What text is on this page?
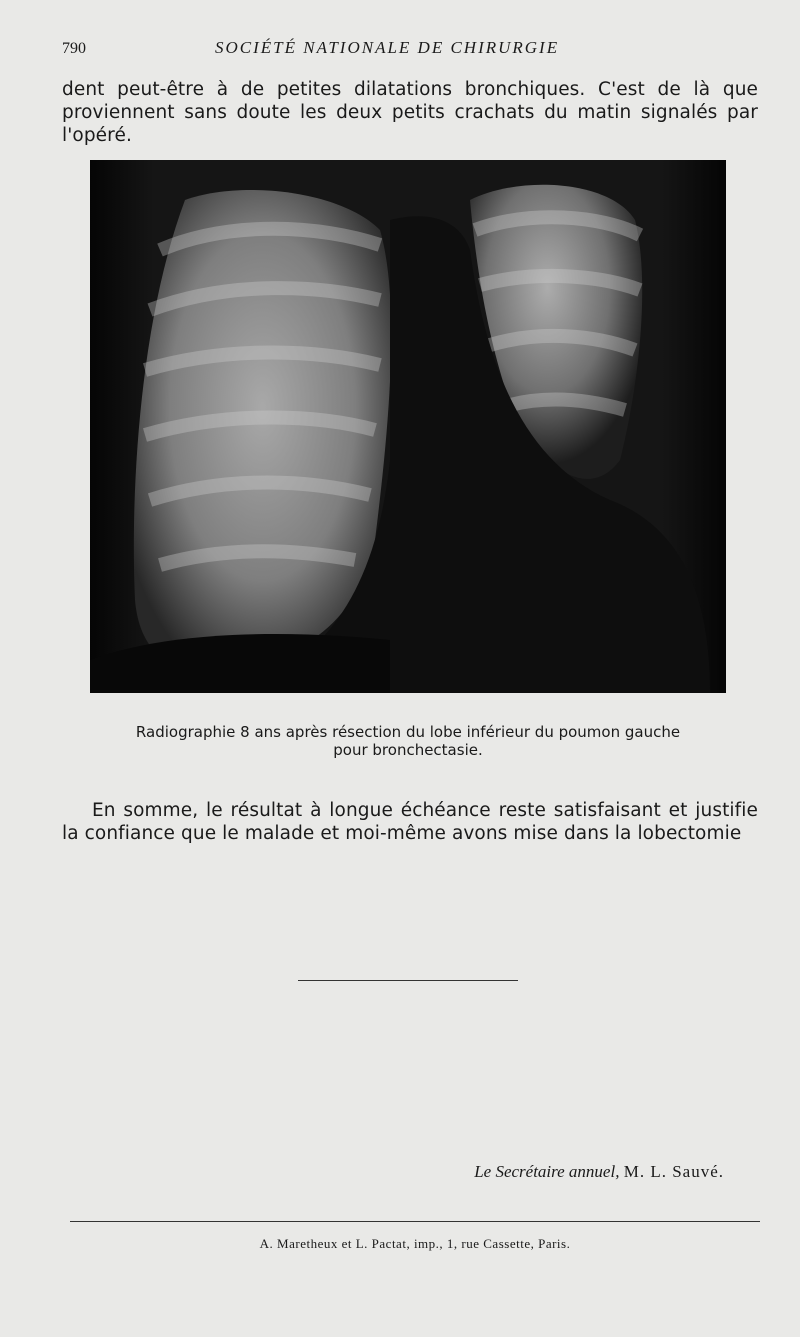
790	SOCIÉTÉ NATIONALE DE CHIRURGIE

dent peut-être à de petites dilatations bronchiques. C'est de là que proviennent sans doute les deux petits crachats du matin signalés par l'opéré.

Radiographie 8 ans après résection du lobe inférieur du poumon gauche
pour bronchectasie.

En somme, le résultat à longue échéance reste satisfaisant et justifie la confiance que le malade et moi-même avons mise dans la lobectomie

Le Secrétaire annuel, M. L. Sauvé.
A. Maretheux et L. Pactat, imp., 1, rue Cassette, Paris.
